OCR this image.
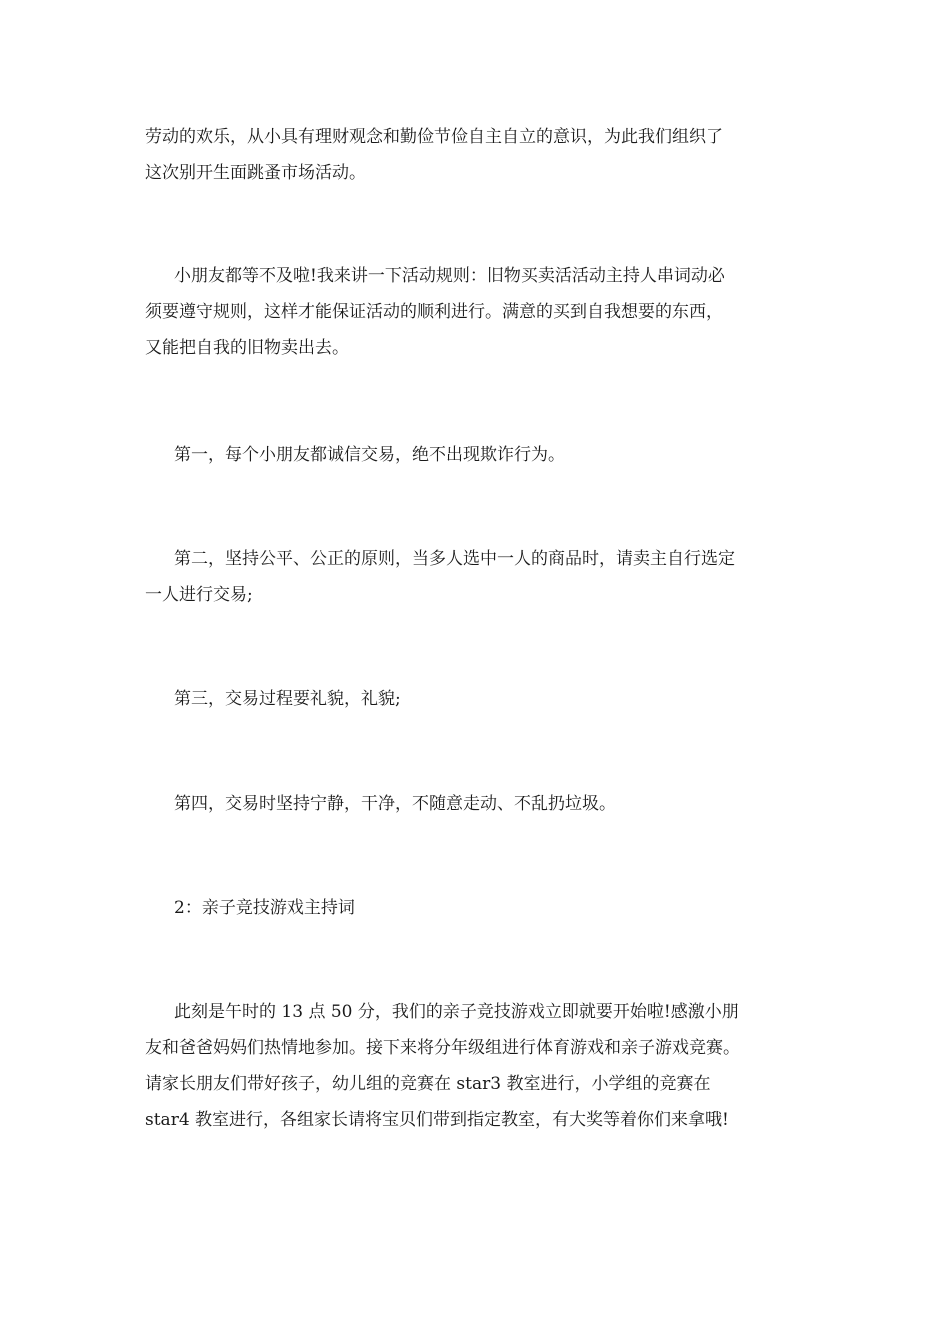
劳动的欢乐，从小具有理财观念和勤俭节俭自主自立的意识，为此我们组织了
这次别开生面跳蚤市场活动。
小朋友都等不及啦!我来讲一下活动规则：旧物买卖活活动主持人串词动必
须要遵守规则，这样才能保证活动的顺利进行。满意的买到自我想要的东西，
又能把自我的旧物卖出去。
第一，每个小朋友都诚信交易，绝不出现欺诈行为。
第二，坚持公平、公正的原则，当多人选中一人的商品时，请卖主自行选定
一人进行交易;
第三，交易过程要礼貌，礼貌;
第四，交易时坚持宁静，干净，不随意走动、不乱扔垃圾。
2：亲子竞技游戏主持词
此刻是午时的 13 点 50 分，我们的亲子竞技游戏立即就要开始啦!感激小朋
友和爸爸妈妈们热情地参加。接下来将分年级组进行体育游戏和亲子游戏竞赛。
请家长朋友们带好孩子，幼儿组的竞赛在 star3 教室进行，小学组的竞赛在
star4 教室进行，各组家长请将宝贝们带到指定教室，有大奖等着你们来拿哦!
